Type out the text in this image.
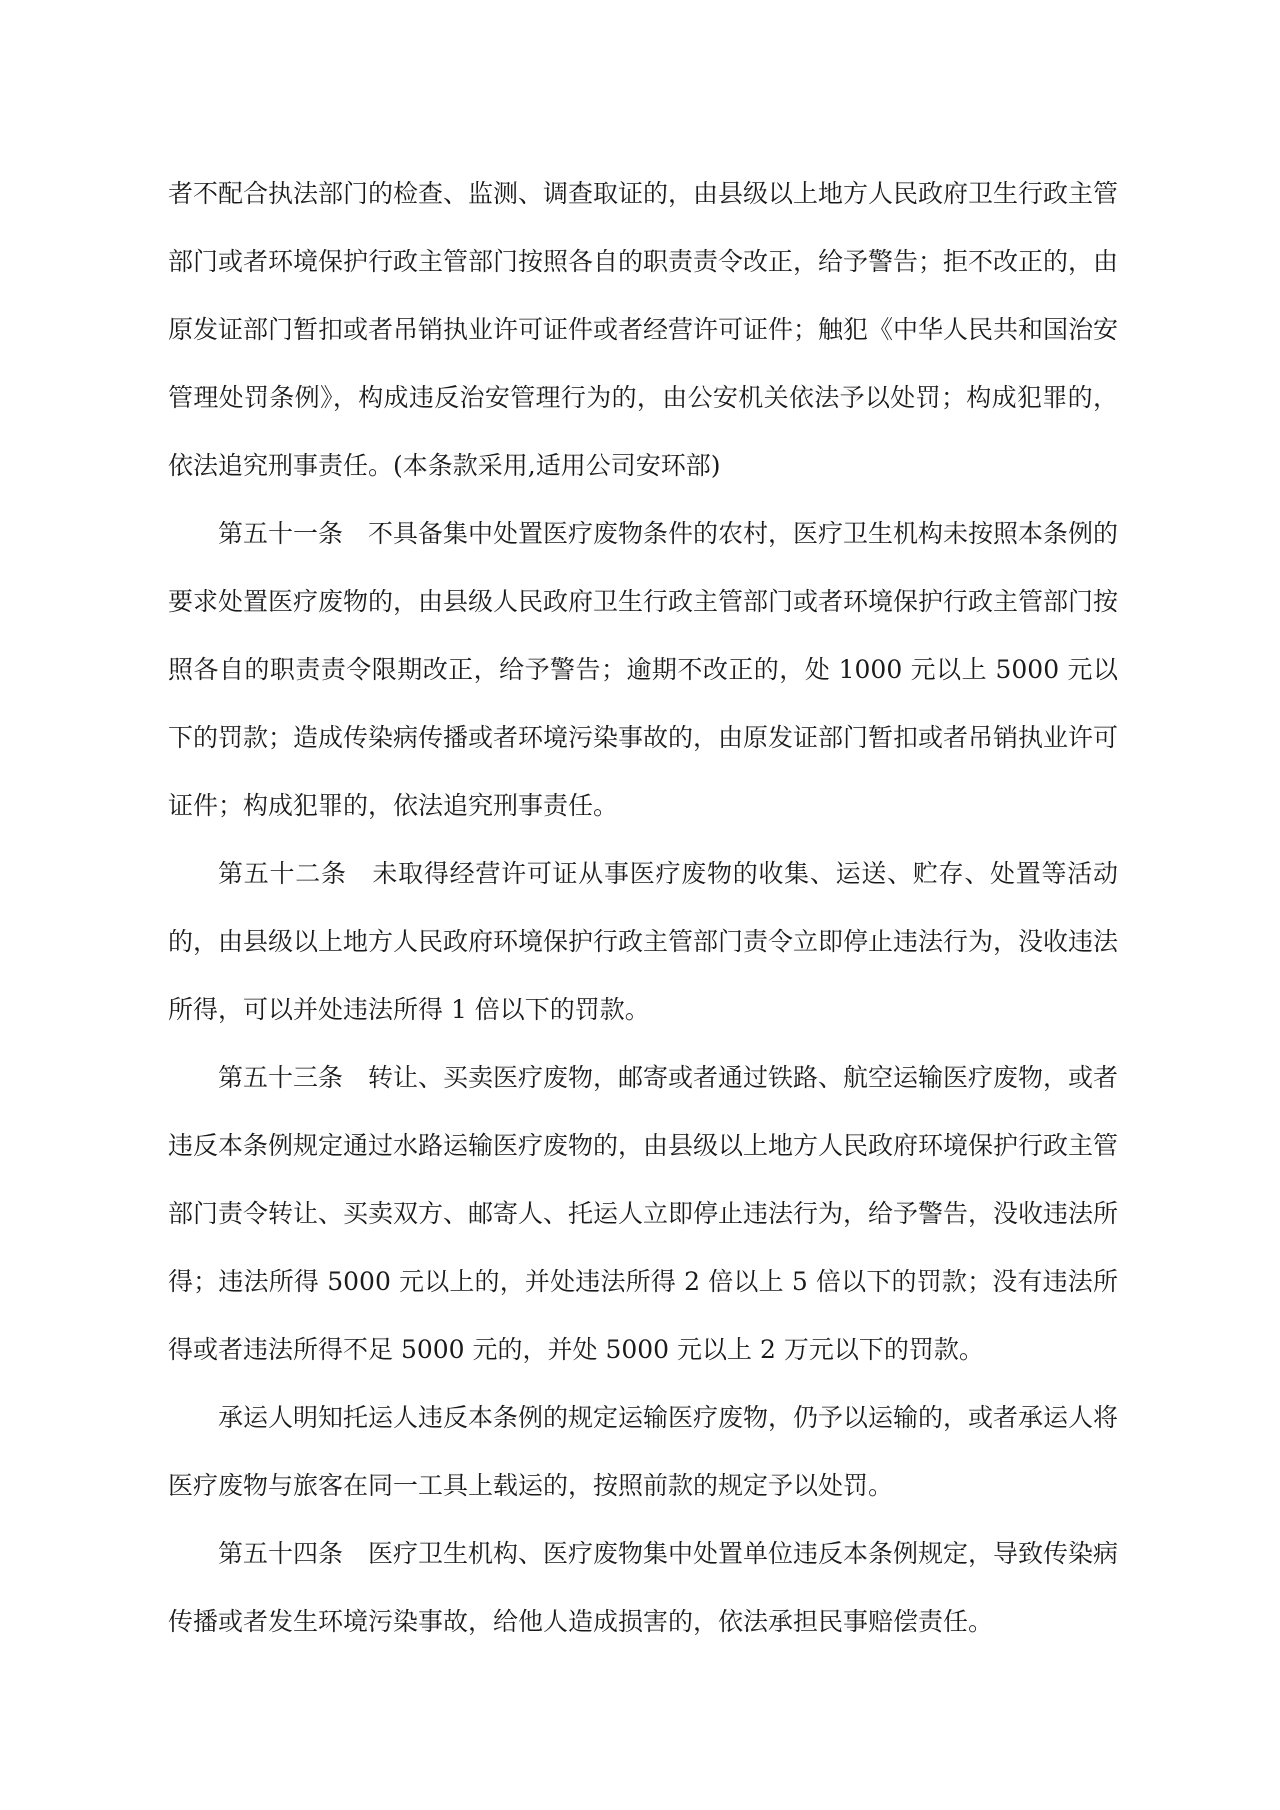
者不配合执法部门的检查、监测、调查取证的，由县级以上地方人民政府卫生行政主管部门或者环境保护行政主管部门按照各自的职责责令改正，给予警告；拒不改正的，由原发证部门暂扣或者吊销执业许可证件或者经营许可证件；触犯《中华人民共和国治安管理处罚条例》，构成违反治安管理行为的，由公安机关依法予以处罚；构成犯罪的，依法追究刑事责任。(本条款采用,适用公司安环部)

第五十一条　不具备集中处置医疗废物条件的农村，医疗卫生机构未按照本条例的要求处置医疗废物的，由县级人民政府卫生行政主管部门或者环境保护行政主管部门按照各自的职责责令限期改正，给予警告；逾期不改正的，处 1000 元以上 5000 元以下的罚款；造成传染病传播或者环境污染事故的，由原发证部门暂扣或者吊销执业许可证件；构成犯罪的，依法追究刑事责任。

第五十二条　未取得经营许可证从事医疗废物的收集、运送、贮存、处置等活动的，由县级以上地方人民政府环境保护行政主管部门责令立即停止违法行为，没收违法所得，可以并处违法所得 1 倍以下的罚款。

第五十三条　转让、买卖医疗废物，邮寄或者通过铁路、航空运输医疗废物，或者违反本条例规定通过水路运输医疗废物的，由县级以上地方人民政府环境保护行政主管部门责令转让、买卖双方、邮寄人、托运人立即停止违法行为，给予警告，没收违法所得；违法所得 5000 元以上的，并处违法所得 2 倍以上 5 倍以下的罚款；没有违法所得或者违法所得不足 5000 元的，并处 5000 元以上 2 万元以下的罚款。

承运人明知托运人违反本条例的规定运输医疗废物，仍予以运输的，或者承运人将医疗废物与旅客在同一工具上载运的，按照前款的规定予以处罚。

第五十四条　医疗卫生机构、医疗废物集中处置单位违反本条例规定，导致传染病传播或者发生环境污染事故，给他人造成损害的，依法承担民事赔偿责任。
